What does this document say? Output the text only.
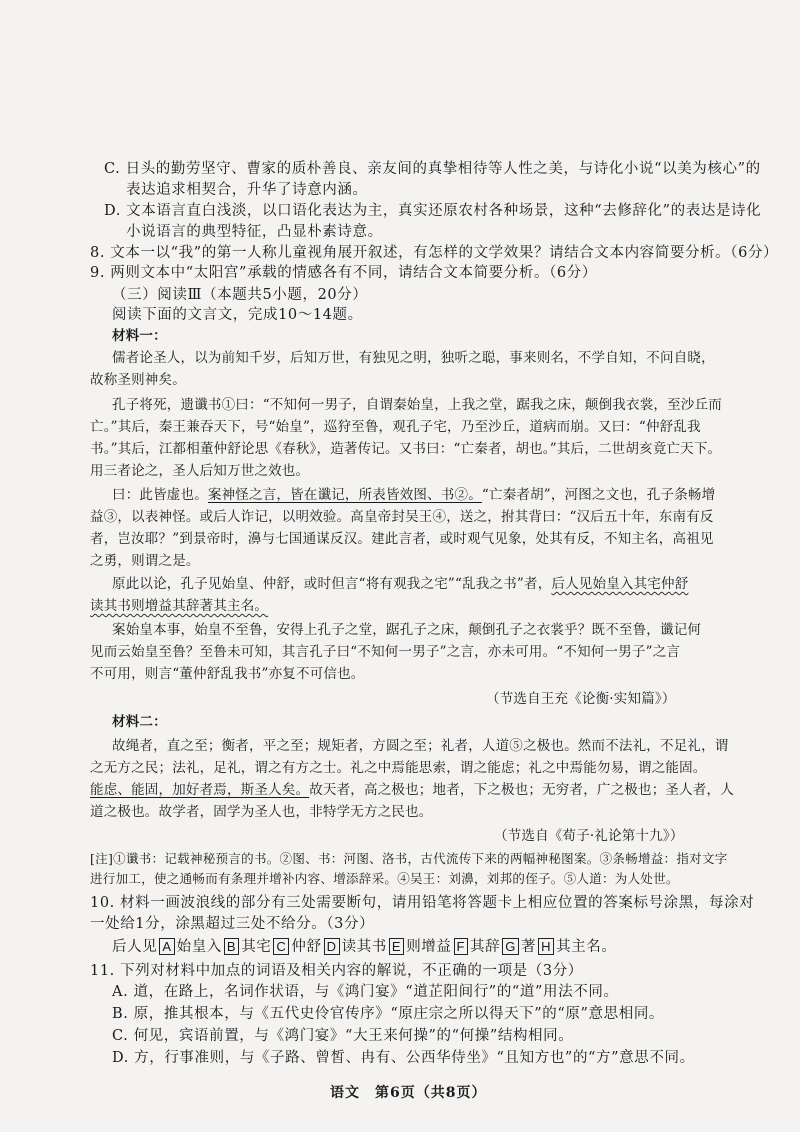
C. 日头的勤劳坚守、曹家的质朴善良、亲友间的真挚相待等人性之美，与诗化小说“以美为核心”的

表达追求相契合，升华了诗意内涵。

D. 文本语言直白浅淡，以口语化表达为主，真实还原农村各种场景，这种“去修辞化”的表达是诗化

小说语言的典型特征，凸显朴素诗意。

8. 文本一以“我”的第一人称儿童视角展开叙述，有怎样的文学效果？请结合文本内容简要分析。（6分）

9. 两则文本中“太阳宫”承载的情感各有不同，请结合文本简要分析。（6分）

（三）阅读Ⅲ（本题共5小题，20分）

阅读下面的文言文，完成10～14题。

材料一：

儒者论圣人，以为前知千岁，后知万世，有独见之明，独听之聪，事来则名，不学自知，不问自晓，

故称圣则神矣。

孔子将死，遗谶书①曰：“不知何一男子，自谓秦始皇，上我之堂，踞我之床，颠倒我衣裳，至沙丘而

亡。”其后，秦王兼吞天下，号“始皇”，巡狩至鲁，观孔子宅，乃至沙丘，道病而崩。又曰：“仲舒乱我

书。”其后，江都相董仲舒论思《春秋》，造著传记。又书曰：“亡秦者，胡也。”其后，二世胡亥竟亡天下。

用三者论之，圣人后知万世之效也。

曰：此皆虚也。案神怪之言，皆在谶记，所表皆效图、书②。“亡秦者胡”，河图之文也，孔子条畅增

益③，以表神怪。或后人诈记，以明效验。高皇帝封吴王④，送之，拊其背曰：“汉后五十年，东南有反

者，岂汝耶？”到景帝时，濞与七国通谋反汉。建此言者，或时观气见象，处其有反，不知主名，高祖见

之勇，则谓之是。

原此以论，孔子见始皇、仲舒，或时但言“将有观我之宅”“乱我之书”者，后人见始皇入其宅仲舒

读其书则增益其辞著其主名。

案始皇本事，始皇不至鲁，安得上孔子之堂，踞孔子之床，颠倒孔子之衣裳乎？既不至鲁，谶记何

见而云始皇至鲁？至鲁未可知，其言孔子曰“不知何一男子”之言，亦未可用。“不知何一男子”之言

不可用，则言“董仲舒乱我书”亦复不可信也。

（节选自王充《论衡·实知篇》）

材料二：

故绳者，直之至；衡者，平之至；规矩者，方圆之至；礼者，人道⑤之极也。然而不法礼，不足礼，谓

之无方之民；法礼，足礼，谓之有方之士。礼之中焉能思索，谓之能虑；礼之中焉能勿易，谓之能固。

能虑、能固，加好者焉，斯圣人矣。故天者，高之极也；地者，下之极也；无穷者，广之极也；圣人者，人

道之极也。故学者，固学为圣人也，非特学无方之民也。

（节选自《荀子·礼论第十九》）

[注]①谶书：记载神秘预言的书。②图、书：河图、洛书，古代流传下来的两幅神秘图案。③条畅增益：指对文字

进行加工，使之通畅而有条理并增补内容、增添辞采。④吴王：刘濞，刘邦的侄子。⑤人道：为人处世。

10. 材料一画波浪线的部分有三处需要断句，请用铅笔将答题卡上相应位置的答案标号涂黑，每涂对

一处给1分，涂黑超过三处不给分。（3分）

后人见 A 始皇入 B 其宅 C 仲舒 D 读其书 E 则增益 F 其辞 G 著 H 其主名。

11. 下列对材料中加点的词语及相关内容的解说，不正确的一项是（3分）

A. 道，在路上，名词作状语，与《鸿门宴》“道芷阳间行”的“道”用法不同。

B. 原，推其根本，与《五代史伶官传序》“原庄宗之所以得天下”的“原”意思相同。

C. 何见，宾语前置，与《鸿门宴》“大王来何操”的“何操”结构相同。

D. 方，行事准则，与《子路、曾皙、冉有、公西华侍坐》“且知方也”的“方”意思不同。

语文　第6页（共8页）
